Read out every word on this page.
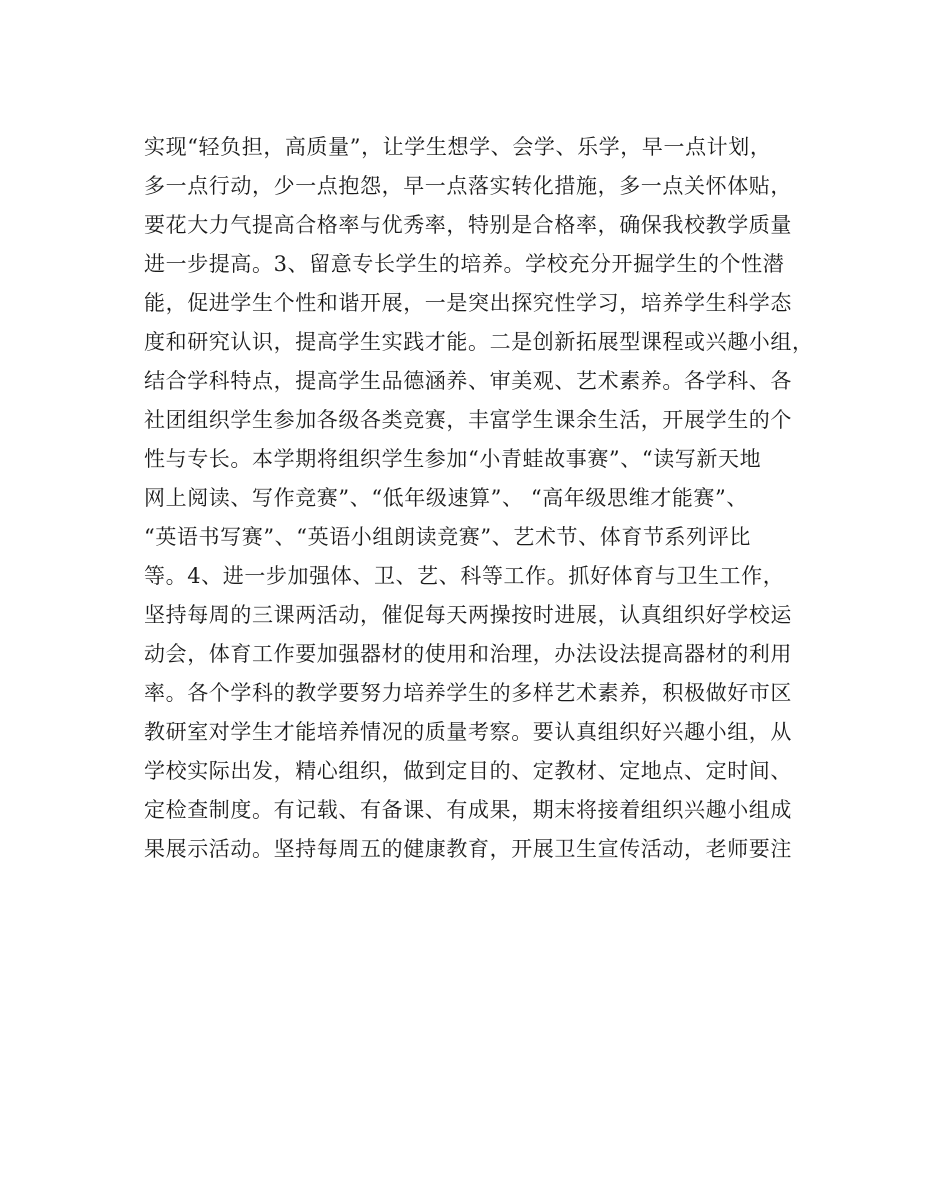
实现“轻负担，高质量”，让学生想学、会学、乐学，早一点计划，
多一点行动，少一点抱怨，早一点落实转化措施，多一点关怀体贴，
要花大力气提高合格率与优秀率，特别是合格率，确保我校教学质量
进一步提高。3、留意专长学生的培养。学校充分开掘学生的个性潜
能，促进学生个性和谐开展，一是突出探究性学习，培养学生科学态
度和研究认识，提高学生实践才能。二是创新拓展型课程或兴趣小组，
结合学科特点，提高学生品德涵养、审美观、艺术素养。各学科、各
社团组织学生参加各级各类竞赛，丰富学生课余生活，开展学生的个
性与专长。本学期将组织学生参加“小青蛙故事赛”、“读写新天地
网上阅读、写作竞赛”、“低年级速算”、 “高年级思维才能赛”、
“英语书写赛”、“英语小组朗读竞赛”、艺术节、体育节系列评比
等。4、进一步加强体、卫、艺、科等工作。抓好体育与卫生工作，
坚持每周的三课两活动，催促每天两操按时进展，认真组织好学校运
动会，体育工作要加强器材的使用和治理，办法设法提高器材的利用
率。各个学科的教学要努力培养学生的多样艺术素养，积极做好市区
教研室对学生才能培养情况的质量考察。要认真组织好兴趣小组，从
学校实际出发，精心组织，做到定目的、定教材、定地点、定时间、
定检查制度。有记载、有备课、有成果，期末将接着组织兴趣小组成
果展示活动。坚持每周五的健康教育，开展卫生宣传活动，老师要注
